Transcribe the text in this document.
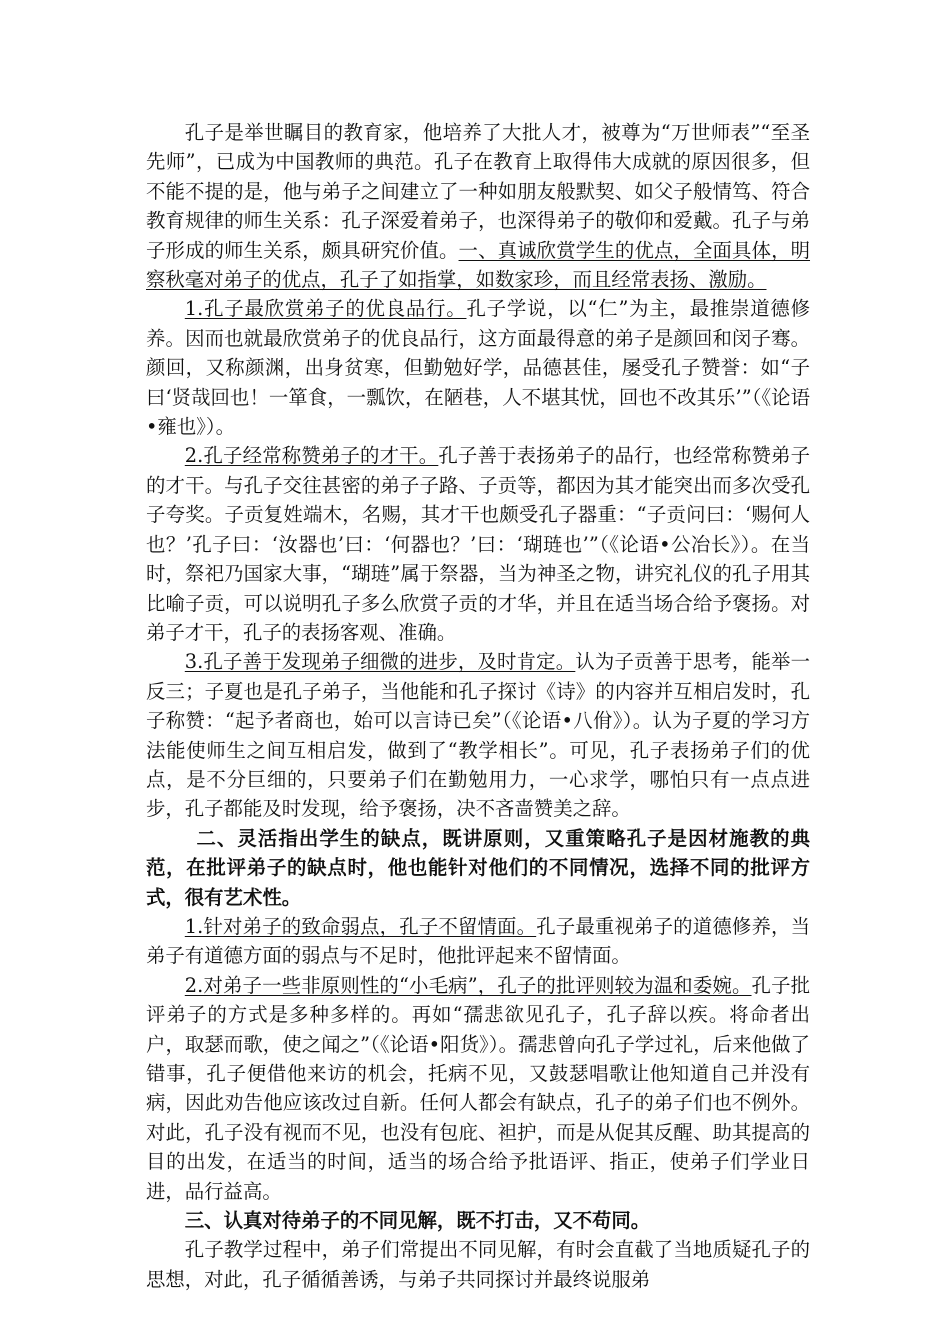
孔子是举世瞩目的教育家，他培养了大批人才，被尊为“万世师表”“至圣先师”，已成为中国教师的典范。孔子在教育上取得伟大成就的原因很多，但不能不提的是，他与弟子之间建立了一种如朋友般默契、如父子般情笃、符合教育规律的师生关系：孔子深爱着弟子，也深得弟子的敬仰和爱戴。孔子与弟子形成的师生关系，颇具研究价值。一、真诚欣赏学生的优点，全面具体，明察秋毫对弟子的优点，孔子了如指掌，如数家珍，而且经常表扬、激励。

1.孔子最欣赏弟子的优良品行。孔子学说，以“仁”为主，最推崇道德修养。因而也就最欣赏弟子的优良品行，这方面最得意的弟子是颜回和闵子骞。颜回，又称颜渊，出身贫寒，但勤勉好学，品德甚佳，屡受孔子赞誉：如“子曰‘贤哉回也！一箪食，一瓢饮，在陋巷，人不堪其忧，回也不改其乐’”（《论语•雍也》）。

2.孔子经常称赞弟子的才干。孔子善于表扬弟子的品行，也经常称赞弟子的才干。与孔子交往甚密的弟子子路、子贡等，都因为其才能突出而多次受孔子夸奖。子贡复姓端木，名赐，其才干也颇受孔子器重：“子贡问曰：‘赐何人也？’孔子曰：‘汝器也’曰：‘何器也？’曰：‘瑚琏也’”（《论语•公冶长》）。在当时，祭祀乃国家大事，“瑚琏”属于祭器，当为神圣之物，讲究礼仪的孔子用其比喻子贡，可以说明孔子多么欣赏子贡的才华，并且在适当场合给予褒扬。对弟子才干，孔子的表扬客观、准确。

3.孔子善于发现弟子细微的进步，及时肯定。认为子贡善于思考，能举一反三；子夏也是孔子弟子，当他能和孔子探讨《诗》的内容并互相启发时，孔子称赞：“起予者商也，始可以言诗已矣”（《论语•八佾》）。认为子夏的学习方法能使师生之间互相启发，做到了“教学相长”。可见，孔子表扬弟子们的优点，是不分巨细的，只要弟子们在勤勉用力，一心求学，哪怕只有一点点进步，孔子都能及时发现，给予褒扬，决不吝啬赞美之辞。

二、灵活指出学生的缺点，既讲原则，又重策略孔子是因材施教的典范，在批评弟子的缺点时，他也能针对他们的不同情况，选择不同的批评方式，很有艺术性。

1.针对弟子的致命弱点，孔子不留情面。孔子最重视弟子的道德修养，当弟子有道德方面的弱点与不足时，他批评起来不留情面。

2.对弟子一些非原则性的“小毛病”，孔子的批评则较为温和委婉。孔子批评弟子的方式是多种多样的。再如“孺悲欲见孔子，孔子辞以疾。将命者出户，取瑟而歌，使之闻之”（《论语•阳货》）。孺悲曾向孔子学过礼，后来他做了错事，孔子便借他来访的机会，托病不见，又鼓瑟唱歌让他知道自己并没有病，因此劝告他应该改过自新。任何人都会有缺点，孔子的弟子们也不例外。对此，孔子没有视而不见，也没有包庇、袒护，而是从促其反醒、助其提高的目的出发，在适当的时间，适当的场合给予批语评、指正，使弟子们学业日进，品行益高。

三、认真对待弟子的不同见解，既不打击，又不苟同。

孔子教学过程中，弟子们常提出不同见解，有时会直截了当地质疑孔子的思想，对此，孔子循循善诱，与弟子共同探讨并最终说服弟
